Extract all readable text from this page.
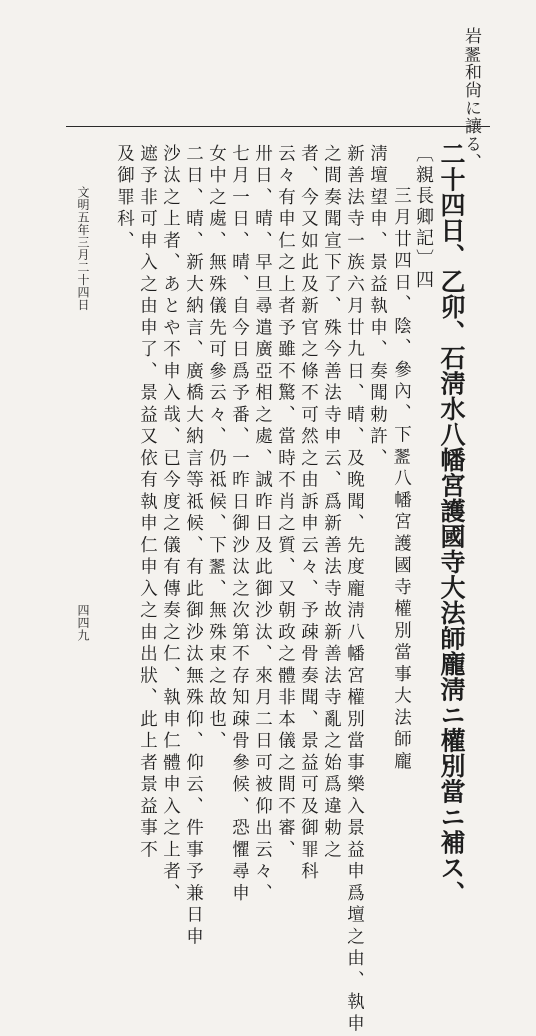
岩𥂔和尙に讓る、
二十四日、乙卯、石淸水八幡宮護國寺大法師龐淸ニ權別當ニ補ス、
〔親長卿記〕四
三月廿四日、陰、參內、下𥂔八幡宮護國寺權別當事大法師龐
淸壇望申、景益執申、奏聞勅許、
新善法寺一族六月廿九日、晴、及晚聞、先度龐淸八幡宮權別當事樂入景益申爲壇之由、執申
之間奏聞宣下了、殊今善法寺申云、爲新善法寺故新善法寺亂之始爲違勅之
者、今又如此及新官之條不可然之由訴申云々、予疎骨奏聞、景益可及御罪科
云々有申仁之上者予雖不驚、當時不肖之質、又朝政之體非本儀之間不審、
卅日、晴、早旦尋遣廣亞相之處、誠昨日及此御沙汰、來月二日可被仰出云々、
七月一日、晴、自今日爲予番、一昨日御沙汰之次第不存知疎骨參候、恐懼尋申
女中之處、無殊儀先可參云々、仍祗候、下𥂔、無殊束之故也、
二日、晴、新大納言、廣橋大納言等祗候、有此御沙汰無殊仰、仰云、件事予兼日申
沙汰之上者、あとや不申入哉、已今度之儀有傳奏之仁、執申仁體申入之上者、
遮予非可申入之由申了、景益又依有執申仁申入之由出狀、此上者景益事不
及御罪科、
文明五年三月二十四日
四四九
